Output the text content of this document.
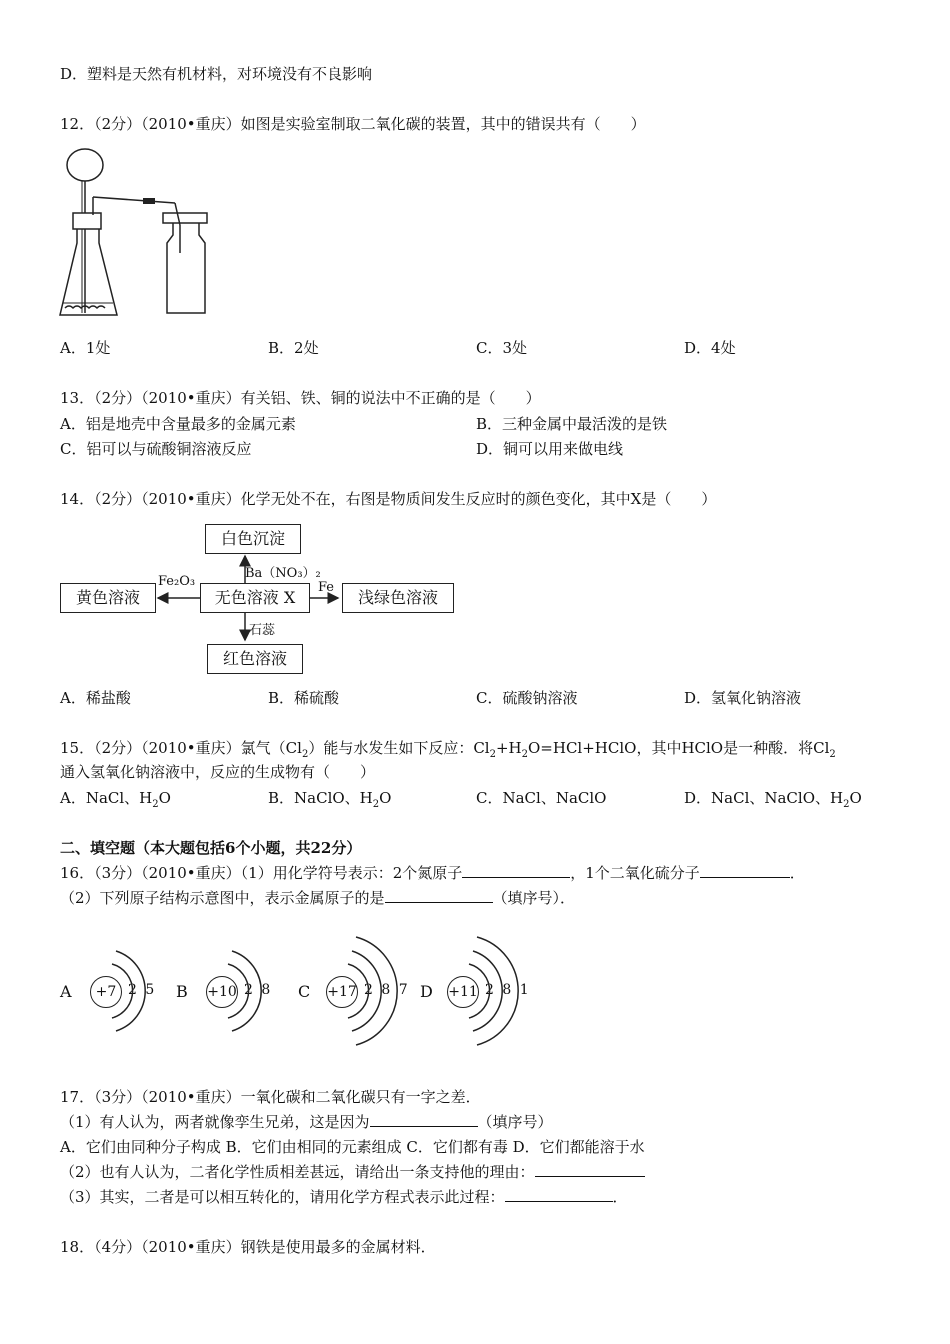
D．塑料是天然有机材料，对环境没有不良影响
12．（2分）（2010•重庆）如图是实验室制取二氧化碳的装置，其中的错误共有（　　）
A．1处	B．2处	C．3处	D．4处
13．（2分）（2010•重庆）有关铝、铁、铜的说法中不正确的是（　　）
A．铝是地壳中含量最多的金属元素	B．三种金属中最活泼的是铁
C．铝可以与硫酸铜溶液反应	D．铜可以用来做电线
14．（2分）（2010•重庆）化学无处不在，右图是物质间发生反应时的颜色变化，其中X是（　　）
白色沉淀
黄色溶液	无色溶液 X	浅绿色溶液
红色溶液
Ba（NO₃）₂
Fe₂O₃	Fe
石蕊
A．稀盐酸	B．稀硫酸	C．硫酸钠溶液	D．氢氧化钠溶液
15．（2分）（2010•重庆）氯气$(Cl_2)$能与水发生如下反应：$Cl_2+H_2O=HCl+HClO$，其中HClO是一种酸．将$Cl_2$
通入氢氧化钠溶液中，反应的生成物有（　　）
A．NaCl、$H_2O$	B．NaClO、$H_2O$	C．NaCl、NaClO	D．NaCl、NaClO、$H_2O$
二、填空题（本大题包括6个小题，共22分）
16．（3分）（2010•重庆）（1）用化学符号表示：2个氮原子	，1个二氧化硫分子	．
（2）下列原子结构示意图中，表示金属原子的是	（填序号）．
A	+7 2 5 B +10 2 8 C +17 2 8 7 D +11 2 8 1
17．（3分）（2010•重庆）一氧化碳和二氧化碳只有一字之差．
（1）有人认为，两者就像孪生兄弟，这是因为	（填序号）
A．它们由同种分子构成 B．它们由相同的元素组成 C．它们都有毒 D．它们都能溶于水
（2）也有人认为，二者化学性质相差甚远，请给出一条支持他的理由：
（3）其实，二者是可以相互转化的，请用化学方程式表示此过程：	．
18．（4分）（2010•重庆）钢铁是使用最多的金属材料．
